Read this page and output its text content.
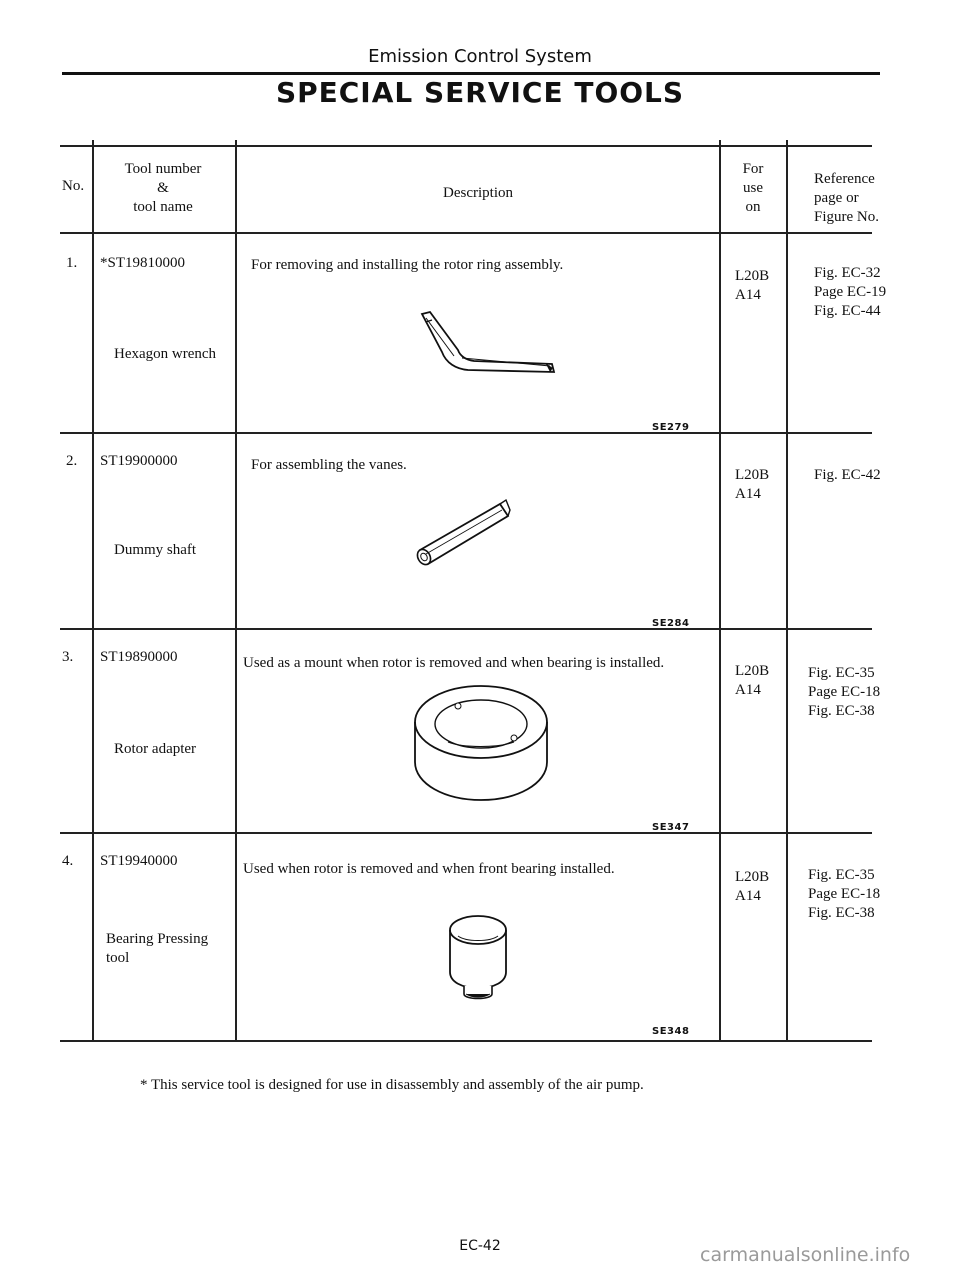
Emission Control System
SPECIAL SERVICE TOOLS
No.
Tool number
&
tool name
Description
For
use
on
Reference
page or
Figure No.
1. *ST19810000
Hexagon wrench
For removing and installing the rotor ring assembly.
SE279
L20B
A14
Fig. EC-32
Page EC-19
Fig. EC-44
2. ST19900000
Dummy shaft
For assembling the vanes.
SE284
L20B
A14
Fig. EC-42
3. ST19890000
Rotor adapter
Used as a mount when rotor is removed and when bearing is installed.
SE347
L20B
A14
Fig. EC-35
Page EC-18
Fig. EC-38
4. ST19940000
Bearing Pressing
tool
Used when rotor is removed and when front bearing installed.
SE348
L20B
A14
Fig. EC-35
Page EC-18
Fig. EC-38
* This service tool is designed for use in disassembly and assembly of the air pump.
EC-42	carmanualsonline.info
